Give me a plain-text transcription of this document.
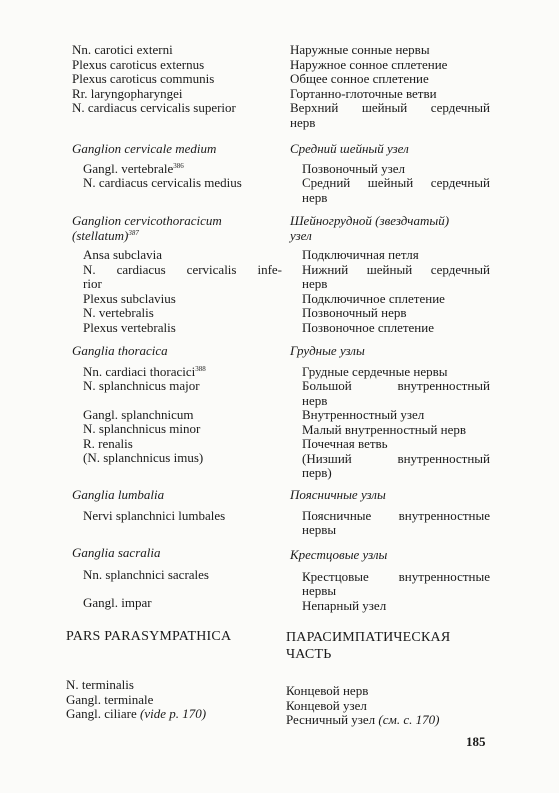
Nn. carotici externi
Plexus caroticus externus
Plexus caroticus communis
Rr. laryngopharyngei
N. cardiacus cervicalis superior
Наружные сонные нервы
Наружное сонное сплетение
Общее сонное сплетение
Гортанно-глоточные ветви
Верхний шейный сердечный
нерв
Ganglion cervicale medium
Gangl. vertebrale$^{386}$
N. cardiacus cervicalis medius
Средний шейный узел
Позвоночный узел
Средний шейный сердечный
нерв
Ganglion cervicothoracicum
(stellatum)$^{387}$
Ansa subclavia
N. cardiacus cervicalis infe-
rior
Plexus subclavius
N. vertebralis
Plexus vertebralis
Шейногрудной (звездчатый)
узел
Подключичная петля
Нижний шейный сердечный
нерв
Подключичное сплетение
Позвоночный нерв
Позвоночное сплетение
Ganglia thoracica
Nn. cardiaci thoracici$^{388}$
N. splanchnicus major
Gangl. splanchnicum
N. splanchnicus minor
R. renalis
(N. splanchnicus imus)
Грудные узлы
Грудные сердечные нервы
Большой внутренностный
нерв
Внутренностный узел
Малый внутренностный нерв
Почечная ветвь
(Низший внутренностный
перв)
Ganglia lumbalia
Nervi splanchnici lumbales
Поясничные узлы
Поясничные внутренностные
нервы
Ganglia sacralia
Nn. splanchnici sacrales
Gangl. impar
Крестцовые узлы
Крестцовые внутренностные
нервы
Непарный узел
PARS PARASYMPATHICA	ПАРАСИМПАТИЧЕСКАЯ
ЧАСТЬ
N. terminalis
Gangl. terminale
Gangl. ciliare (vide p. 170)
Концевой нерв
Концевой узел
Ресничный узел (см. с. 170)
185
